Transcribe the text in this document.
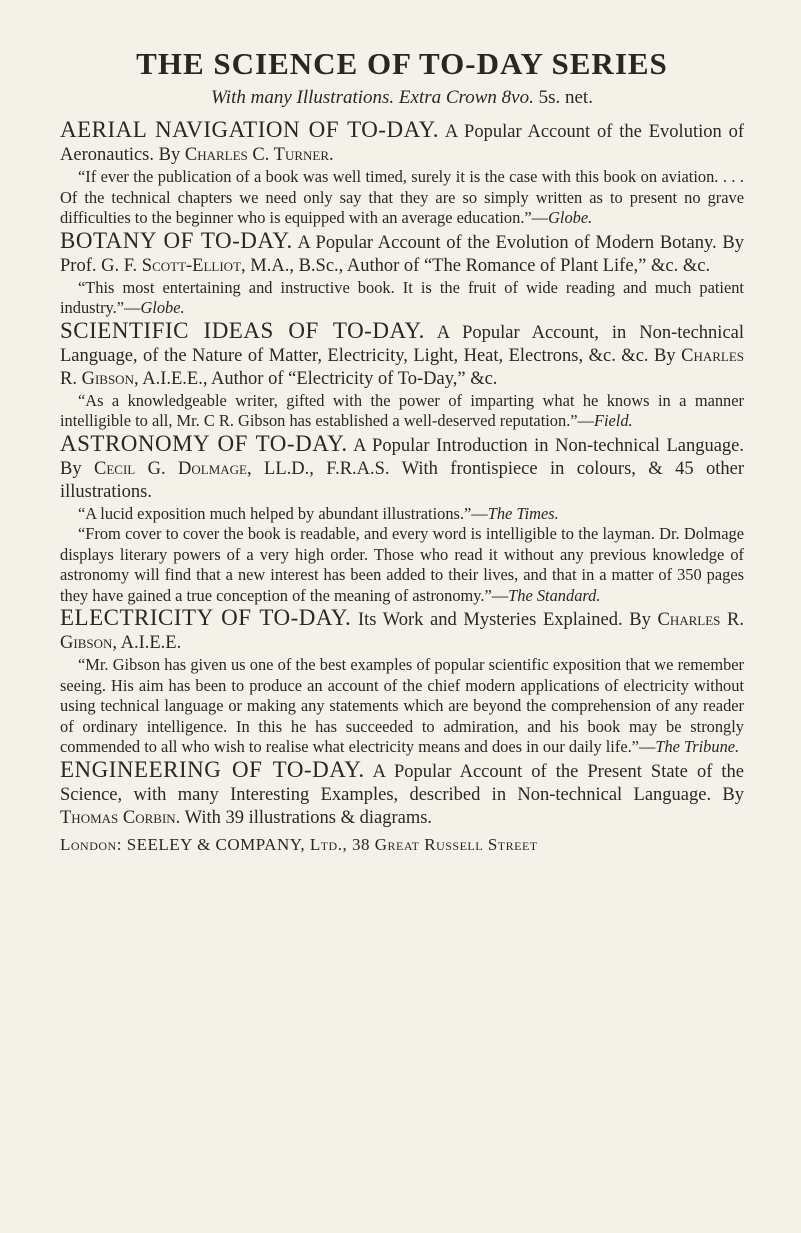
THE SCIENCE OF TO-DAY SERIES

With many Illustrations. Extra Crown 8vo. 5s. net.

AERIAL NAVIGATION OF TO-DAY. A Popular Account of the Evolution of Aeronautics. By Charles C. Turner.

“If ever the publication of a book was well timed, surely it is the case with this book on aviation. . . . Of the technical chapters we need only say that they are so simply written as to present no grave difficulties to the beginner who is equipped with an average education.”—Globe.

BOTANY OF TO-DAY. A Popular Account of the Evolution of Modern Botany. By Prof. G. F. Scott-Elliot, M.A., B.Sc., Author of “The Romance of Plant Life,” &c. &c.

“This most entertaining and instructive book. It is the fruit of wide reading and much patient industry.”—Globe.

SCIENTIFIC IDEAS OF TO-DAY. A Popular Account, in Non-technical Language, of the Nature of Matter, Electricity, Light, Heat, Electrons, &c. &c. By Charles R. Gibson, A.I.E.E., Author of “Electricity of To-Day,” &c.

“As a knowledgeable writer, gifted with the power of imparting what he knows in a manner intelligible to all, Mr. C R. Gibson has established a well-deserved reputation.”—Field.

ASTRONOMY OF TO-DAY. A Popular Introduction in Non-technical Language. By Cecil G. Dolmage, LL.D., F.R.A.S. With frontispiece in colours, & 45 other illustrations.

“A lucid exposition much helped by abundant illustrations.”—The Times.

“From cover to cover the book is readable, and every word is intelligible to the layman. Dr. Dolmage displays literary powers of a very high order. Those who read it without any previous knowledge of astronomy will find that a new interest has been added to their lives, and that in a matter of 350 pages they have gained a true conception of the meaning of astronomy.”—The Standard.

ELECTRICITY OF TO-DAY. Its Work and Mysteries Explained. By Charles R. Gibson, A.I.E.E.

“Mr. Gibson has given us one of the best examples of popular scientific exposition that we remember seeing. His aim has been to produce an account of the chief modern applications of electricity without using technical language or making any statements which are beyond the comprehension of any reader of ordinary intelligence. In this he has succeeded to admiration, and his book may be strongly commended to all who wish to realise what electricity means and does in our daily life.”—The Tribune.

ENGINEERING OF TO-DAY. A Popular Account of the Present State of the Science, with many Interesting Examples, described in Non-technical Language. By Thomas Corbin. With 39 illustrations & diagrams.

London: SEELEY & COMPANY, Ltd., 38 Great Russell Street
